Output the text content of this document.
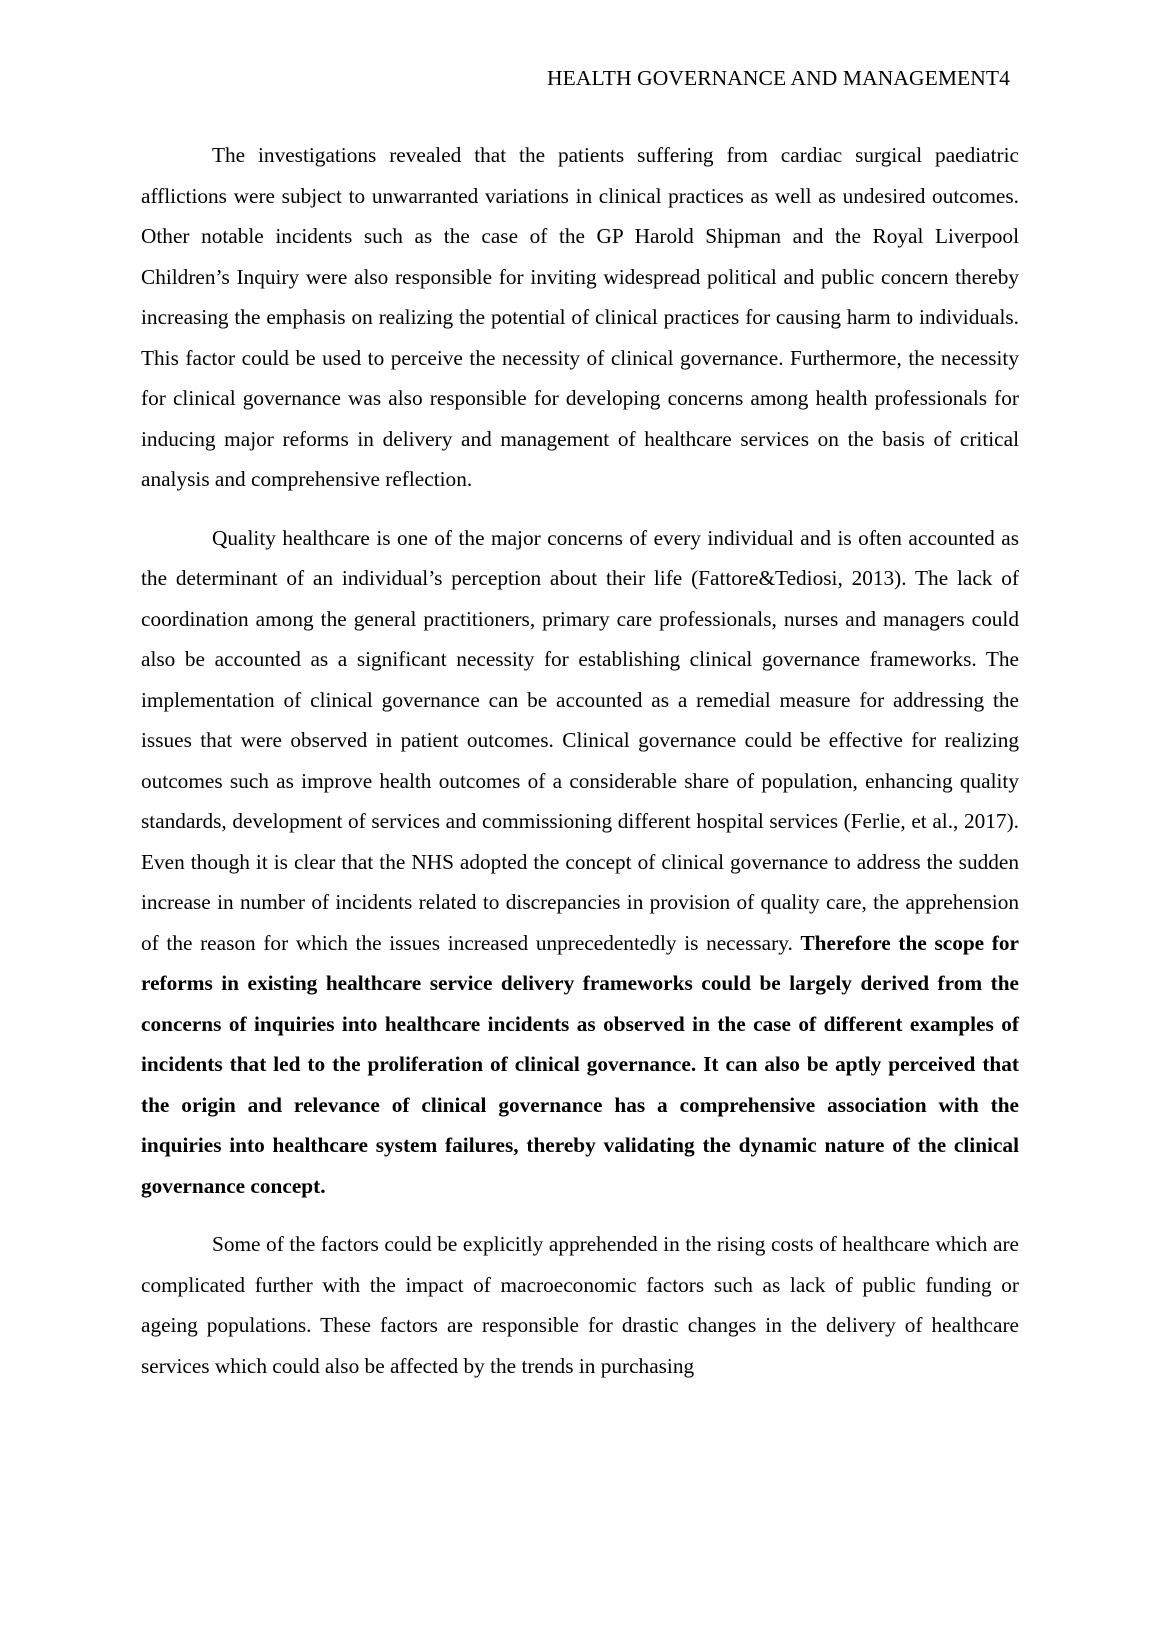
HEALTH GOVERNANCE AND MANAGEMENT4

The investigations revealed that the patients suffering from cardiac surgical paediatric afflictions were subject to unwarranted variations in clinical practices as well as undesired outcomes. Other notable incidents such as the case of the GP Harold Shipman and the Royal Liverpool Children’s Inquiry were also responsible for inviting widespread political and public concern thereby increasing the emphasis on realizing the potential of clinical practices for causing harm to individuals. This factor could be used to perceive the necessity of clinical governance. Furthermore, the necessity for clinical governance was also responsible for developing concerns among health professionals for inducing major reforms in delivery and management of healthcare services on the basis of critical analysis and comprehensive reflection.

Quality healthcare is one of the major concerns of every individual and is often accounted as the determinant of an individual’s perception about their life (Fattore&Tediosi, 2013). The lack of coordination among the general practitioners, primary care professionals, nurses and managers could also be accounted as a significant necessity for establishing clinical governance frameworks. The implementation of clinical governance can be accounted as a remedial measure for addressing the issues that were observed in patient outcomes. Clinical governance could be effective for realizing outcomes such as improve health outcomes of a considerable share of population, enhancing quality standards, development of services and commissioning different hospital services (Ferlie, et al., 2017). Even though it is clear that the NHS adopted the concept of clinical governance to address the sudden increase in number of incidents related to discrepancies in provision of quality care, the apprehension of the reason for which the issues increased unprecedentedly is necessary. Therefore the scope for reforms in existing healthcare service delivery frameworks could be largely derived from the concerns of inquiries into healthcare incidents as observed in the case of different examples of incidents that led to the proliferation of clinical governance. It can also be aptly perceived that the origin and relevance of clinical governance has a comprehensive association with the inquiries into healthcare system failures, thereby validating the dynamic nature of the clinical governance concept.

Some of the factors could be explicitly apprehended in the rising costs of healthcare which are complicated further with the impact of macroeconomic factors such as lack of public funding or ageing populations. These factors are responsible for drastic changes in the delivery of healthcare services which could also be affected by the trends in purchasing
